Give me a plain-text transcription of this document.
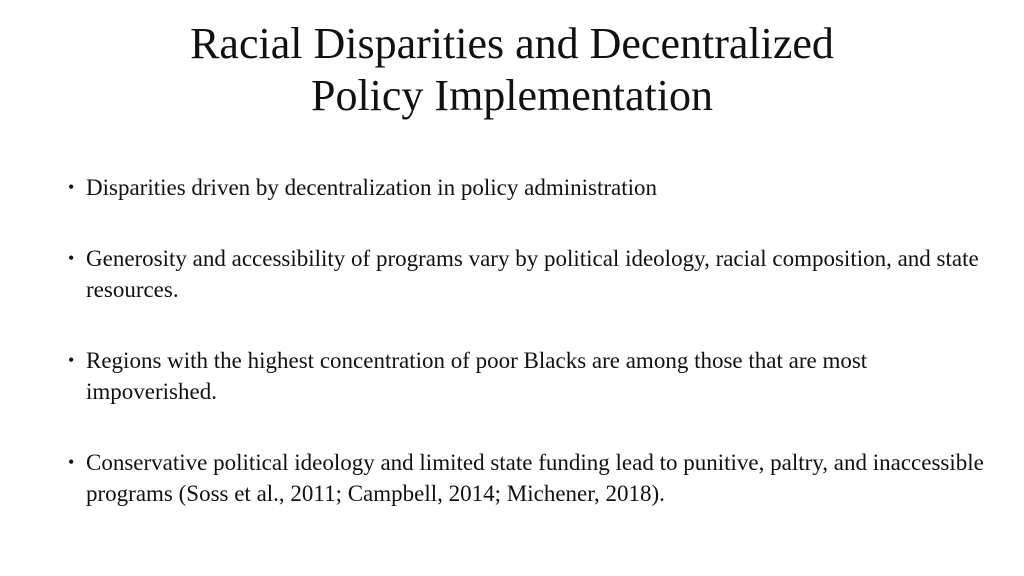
Racial Disparities and Decentralized
Policy Implementation
• Disparities driven by decentralization in policy administration
• Generosity and accessibility of programs vary by political ideology, racial composition, and state resources.
• Regions with the highest concentration of poor Blacks are among those that are most impoverished.
• Conservative political ideology and limited state funding lead to punitive, paltry, and inaccessible programs (Soss et al., 2011; Campbell, 2014; Michener, 2018).
